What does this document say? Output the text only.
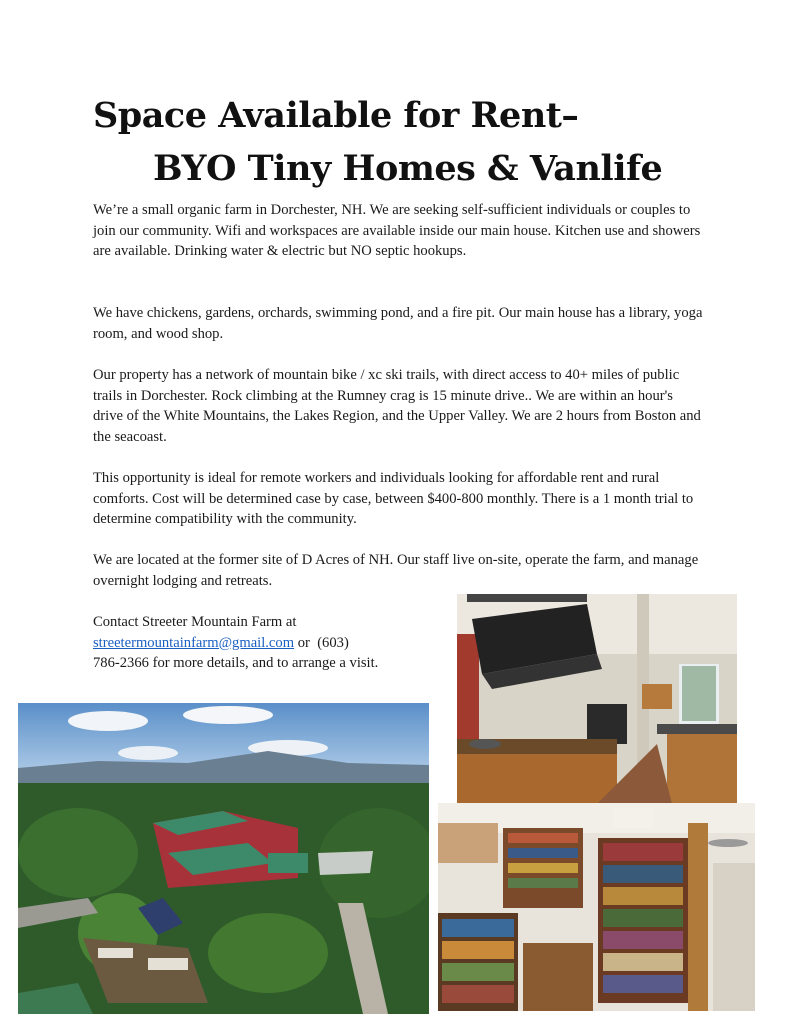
Space Available for Rent–
BYO Tiny Homes & Vanlife

We’re a small organic farm in Dorchester, NH. We are seeking self-sufficient individuals or couples to join our community. Wifi and workspaces are available inside our main house. Kitchen use and showers are available. Drinking water & electric but NO septic hookups.

We have chickens, gardens, orchards, swimming pond, and a fire pit. Our main house has a library, yoga room, and wood shop.

Our property has a network of mountain bike / xc ski trails, with direct access to 40+ miles of public trails in Dorchester. Rock climbing at the Rumney crag is 15 minute drive.. We are within an hour's drive of the White Mountains, the Lakes Region, and the Upper Valley. We are 2 hours from Boston and the seacoast.

This opportunity is ideal for remote workers and individuals looking for affordable rent and rural comforts. Cost will be determined case by case, between $400-800 monthly. There is a 1 month trial to determine compatibility with the community.

We are located at the former site of D Acres of NH. Our staff live on-site, operate the farm, and manage overnight lodging and retreats.

Contact Streeter Mountain Farm at
streetermountainfarm@gmail.com or  (603)
786-2366 for more details, and to arrange a visit.
